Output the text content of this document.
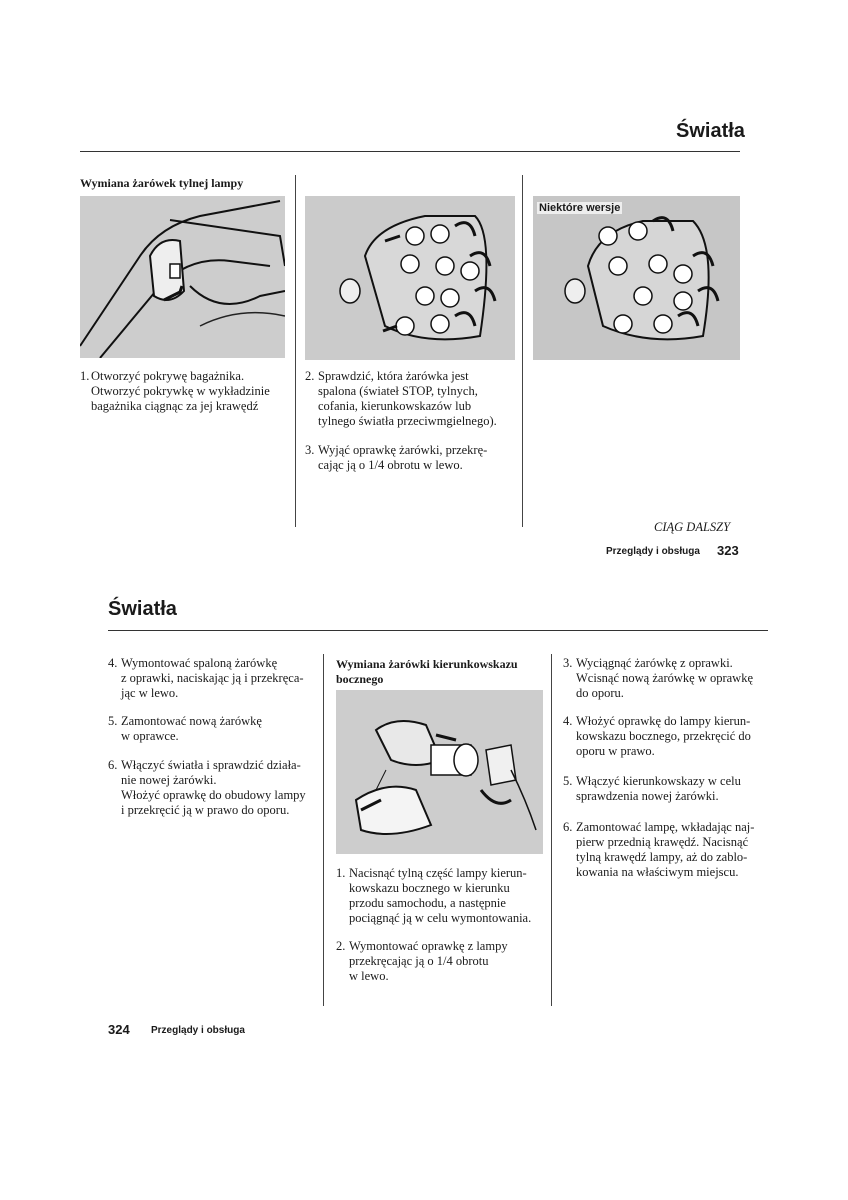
Światła
Wymiana żarówek tylnej lampy
Niektóre wersje
1. Otworzyć pokrywę bagażnika.
Otworzyć pokrywkę w wykładzinie
bagażnika ciągnąc za jej krawędź
2. Sprawdzić, która żarówka jest
spalona (świateł STOP, tylnych,
cofania, kierunkowskazów lub
tylnego światła przeciwmgielnego).
3. Wyjąć oprawkę żarówki, przekrę-
cając ją o 1/4 obrotu w lewo.
CIĄG DALSZY
Przeglądy i obsługa 323
Światła
4. Wymontować spaloną żarówkę
z oprawki, naciskając ją i przekręca-
jąc w lewo.
5. Zamontować nową żarówkę
w oprawce.
6. Włączyć światła i sprawdzić działa-
nie nowej żarówki.
Włożyć oprawkę do obudowy lampy
i przekręcić ją w prawo do oporu.
Wymiana żarówki kierunkowskazu
bocznego
1. Nacisnąć tylną część lampy kierun-
kowskazu bocznego w kierunku
przodu samochodu, a następnie
pociągnąć ją w celu wymontowania.
2. Wymontować oprawkę z lampy
przekręcając ją o 1/4 obrotu
w lewo.
3. Wyciągnąć żarówkę z oprawki.
Wcisnąć nową żarówkę w oprawkę
do oporu.
4. Włożyć oprawkę do lampy kierun-
kowskazu bocznego, przekręcić do
oporu w prawo.
5. Włączyć kierunkowskazy w celu
sprawdzenia nowej żarówki.
6. Zamontować lampę, wkładając naj-
pierw przednią krawędź. Nacisnąć
tylną krawędź lampy, aż do zablo-
kowania na właściwym miejscu.
324 Przeglądy i obsługa
